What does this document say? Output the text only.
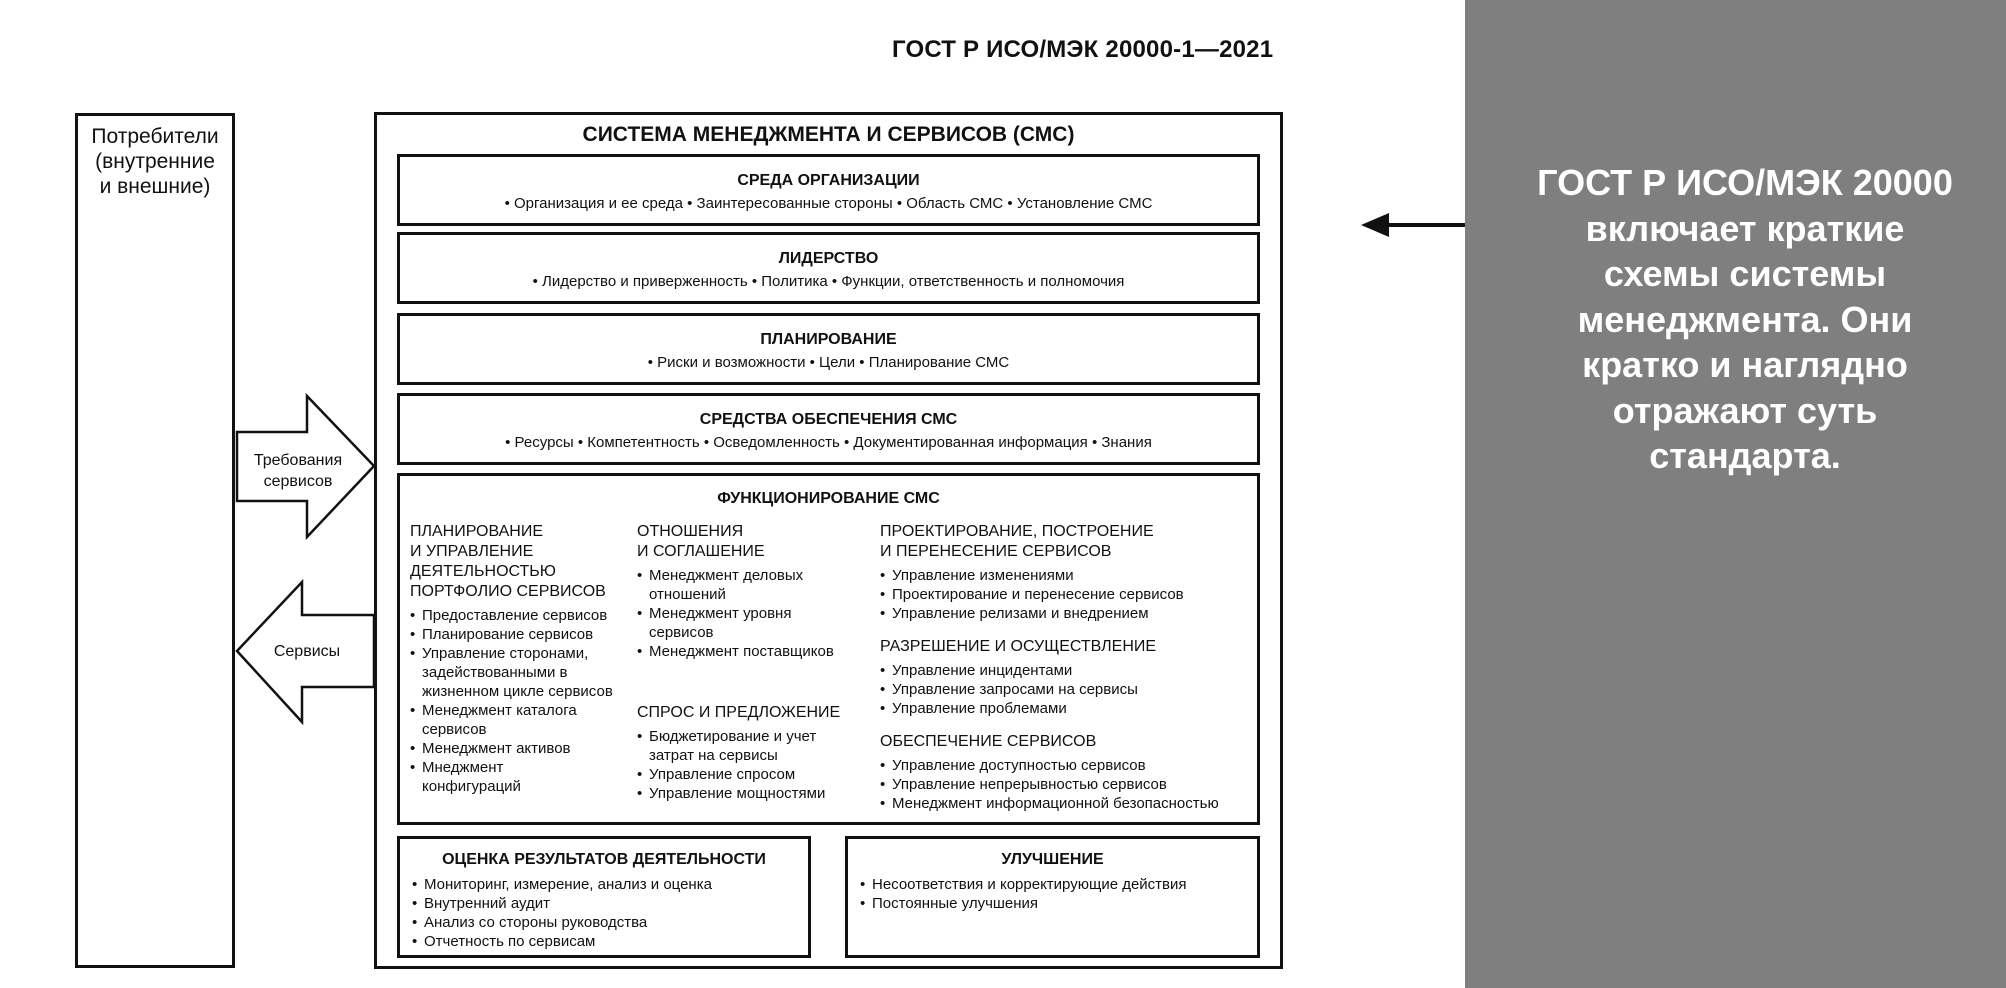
ГОСТ Р ИСО/МЭК 20000-1—2021
Потребители
(внутренние
и внешние)
Требования
сервисов
Сервисы
СИСТЕМА МЕНЕДЖМЕНТА И СЕРВИСОВ (СМС)
СРЕДА ОРГАНИЗАЦИИ
• Организация и ее среда • Заинтересованные стороны • Область СМС • Установление СМС
ЛИДЕРСТВО
• Лидерство и приверженность • Политика • Функции, ответственность и полномочия
ПЛАНИРОВАНИЕ
• Риски и возможности • Цели • Планирование СМС
СРЕДСТВА ОБЕСПЕЧЕНИЯ СМС
• Ресурсы • Компетентность • Осведомленность • Документированная информация • Знания
ФУНКЦИОНИРОВАНИЕ СМС
ПЛАНИРОВАНИЕ
И УПРАВЛЕНИЕ
ДЕЯТЕЛЬНОСТЬЮ
ПОРТФОЛИО СЕРВИСОВ
• Предоставление сервисов
• Планирование сервисов
• Управление сторонами, задействованными в жизненном цикле сервисов
• Менеджмент каталога сервисов
• Менеджмент активов
• Мнеджмент конфигураций
ОТНОШЕНИЯ
И СОГЛАШЕНИЕ
• Менеджмент деловых отношений
• Менеджмент уровня сервисов
• Менеджмент поставщиков
СПРОС И ПРЕДЛОЖЕНИЕ
• Бюджетирование и учет затрат на сервисы
• Управление спросом
• Управление мощностями
ПРОЕКТИРОВАНИЕ, ПОСТРОЕНИЕ
И ПЕРЕНЕСЕНИЕ СЕРВИСОВ
• Управление изменениями
• Проектирование и перенесение сервисов
• Управление релизами и внедрением
РАЗРЕШЕНИЕ И ОСУЩЕСТВЛЕНИЕ
• Управление инцидентами
• Управление запросами на сервисы
• Управление проблемами
ОБЕСПЕЧЕНИЕ СЕРВИСОВ
• Управление доступностью сервисов
• Управление непрерывностью сервисов
• Менеджмент информационной безопасностью
ОЦЕНКА РЕЗУЛЬТАТОВ ДЕЯТЕЛЬНОСТИ
• Мониторинг, измерение, анализ и оценка
• Внутренний аудит
• Анализ со стороны руководства
• Отчетность по сервисам
УЛУЧШЕНИЕ
• Несоответствия и корректирующие действия
• Постоянные улучшения
ГОСТ Р ИСО/МЭК 20000 включает краткие схемы системы менеджмента. Они кратко и наглядно отражают суть стандарта.
